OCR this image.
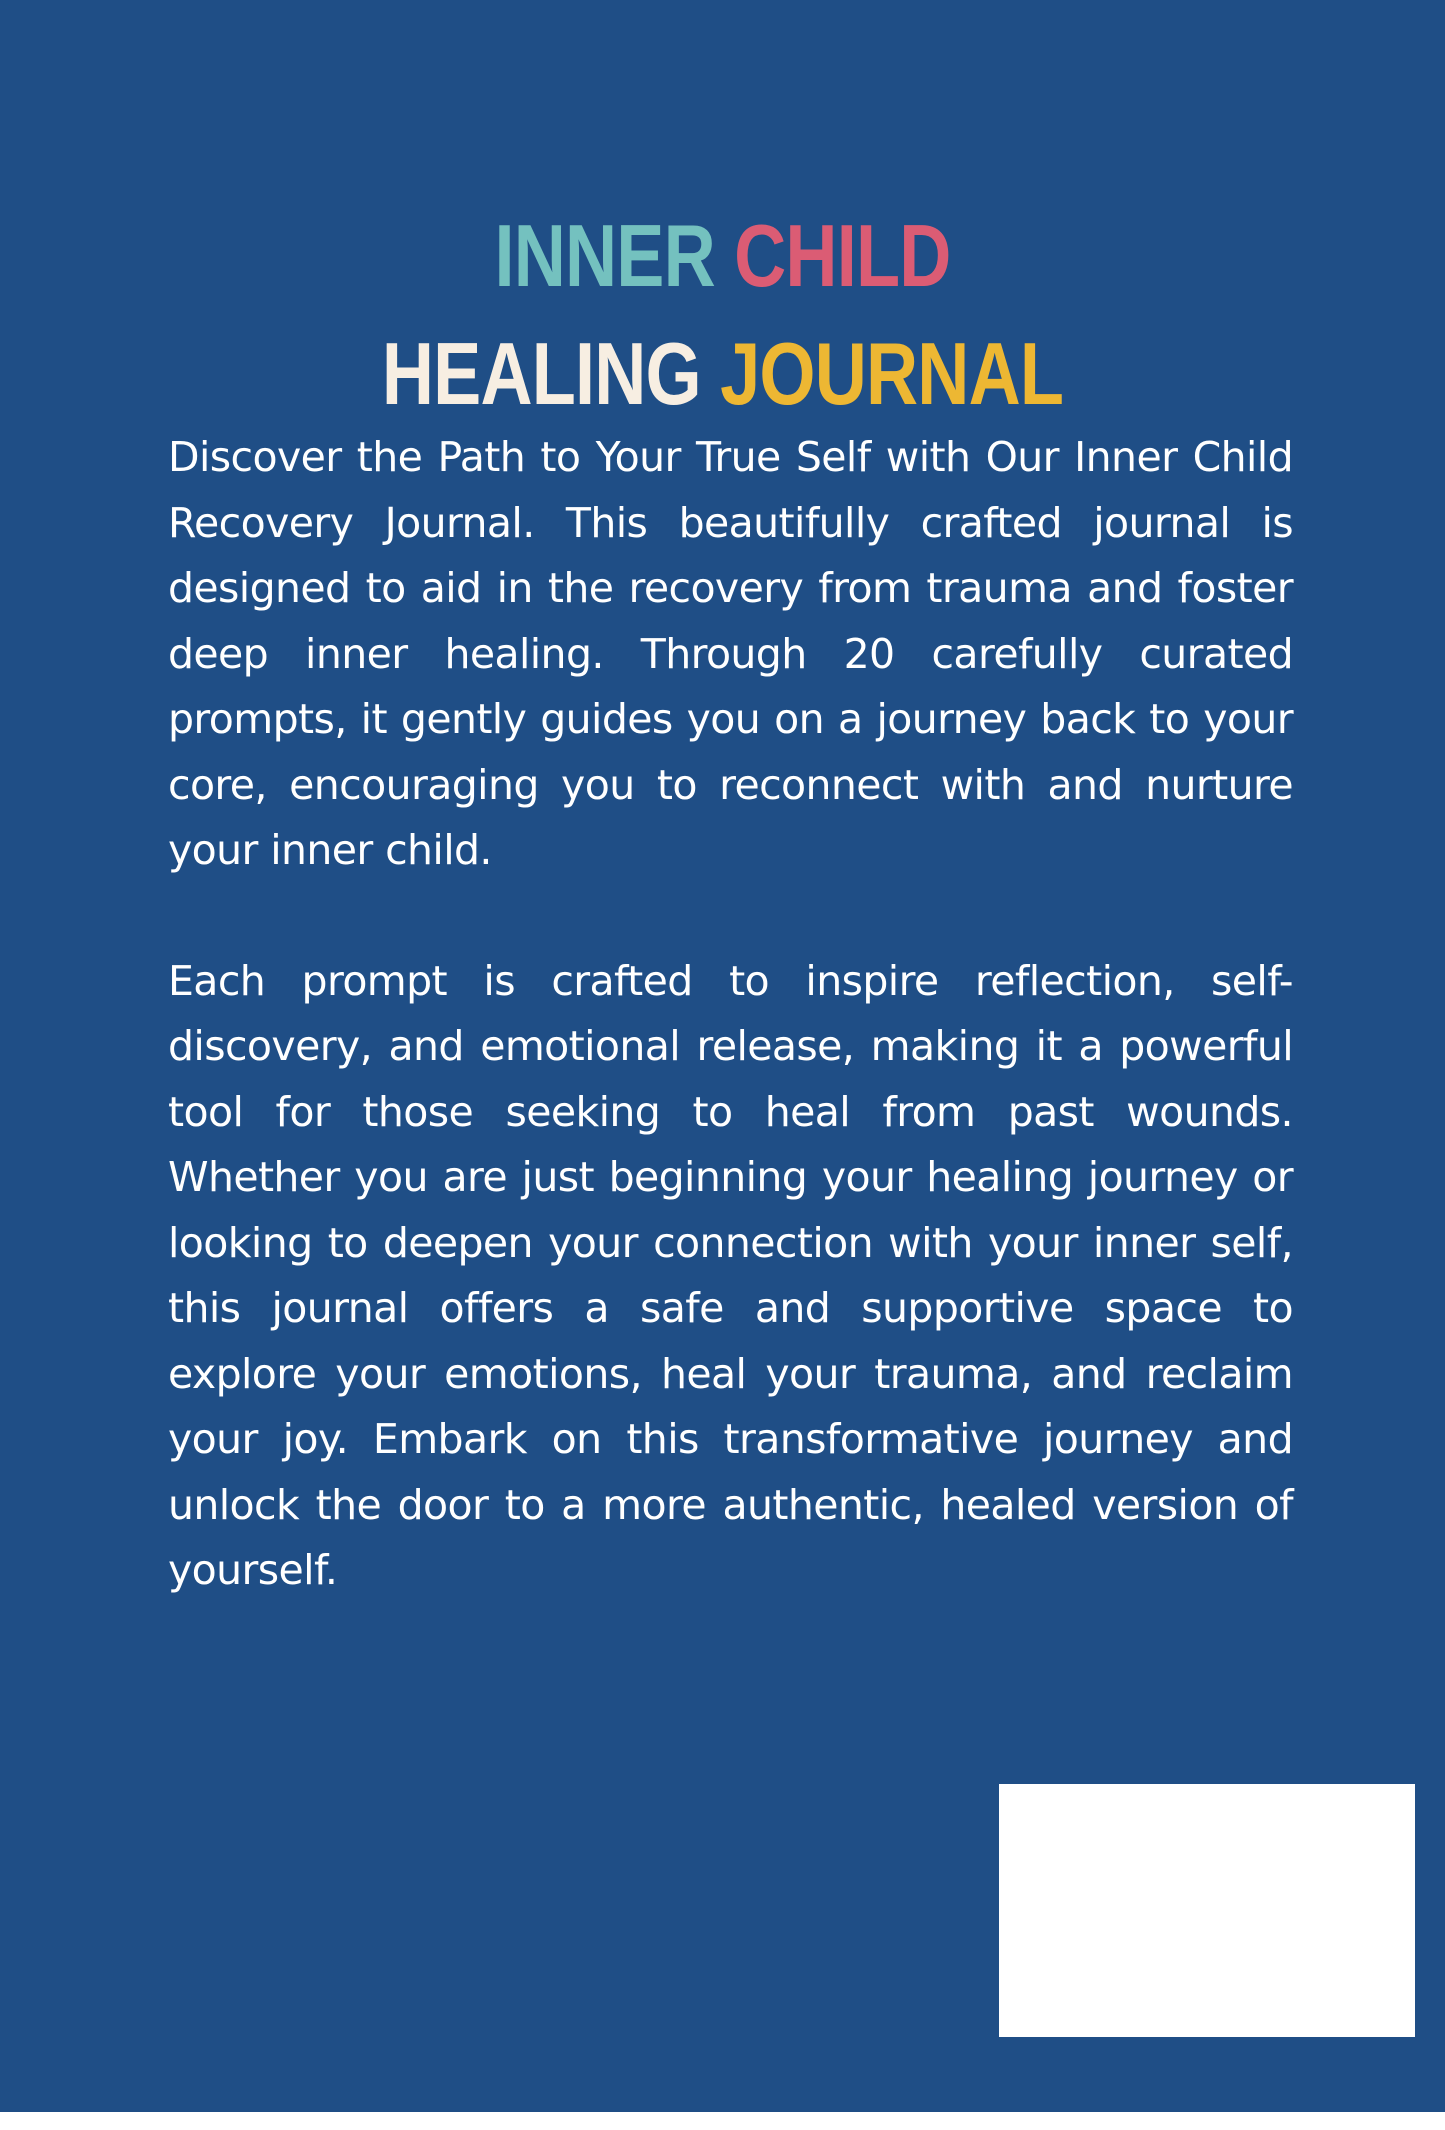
INNER CHILD
HEALING JOURNAL

Discover the Path to Your True Self with Our Inner Child Recovery Journal. This beautifully crafted journal is designed to aid in the recovery from trauma and foster deep inner healing. Through 20 carefully curated prompts, it gently guides you on a journey back to your core, encouraging you to reconnect with and nurture your inner child.

Each prompt is crafted to inspire reflection, self-discovery, and emotional release, making it a powerful tool for those seeking to heal from past wounds. Whether you are just beginning your healing journey or looking to deepen your connection with your inner self, this journal offers a safe and supportive space to explore your emotions, heal your trauma, and reclaim your joy. Embark on this transformative journey and unlock the door to a more authentic, healed version of yourself.
